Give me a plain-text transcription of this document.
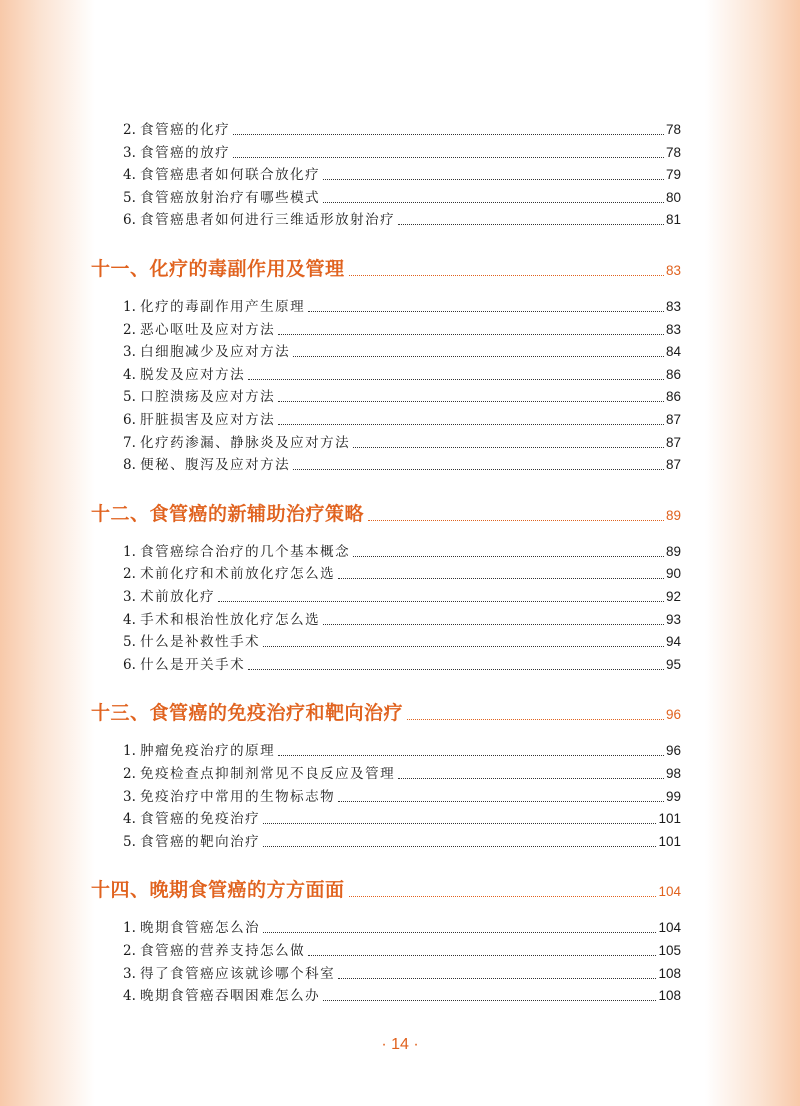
2. 食管癌的化疗	78
3. 食管癌的放疗	78
4. 食管癌患者如何联合放化疗	79
5. 食管癌放射治疗有哪些模式	80
6. 食管癌患者如何进行三维适形放射治疗	81
十一、化疗的毒副作用及管理	83
1. 化疗的毒副作用产生原理	83
2. 恶心呕吐及应对方法	83
3. 白细胞减少及应对方法	84
4. 脱发及应对方法	86
5. 口腔溃疡及应对方法	86
6. 肝脏损害及应对方法	87
7. 化疗药渗漏、静脉炎及应对方法	87
8. 便秘、腹泻及应对方法	87
十二、食管癌的新辅助治疗策略	89
1. 食管癌综合治疗的几个基本概念	89
2. 术前化疗和术前放化疗怎么选	90
3. 术前放化疗	92
4. 手术和根治性放化疗怎么选	93
5. 什么是补救性手术	94
6. 什么是开关手术	95
十三、食管癌的免疫治疗和靶向治疗	96
1. 肿瘤免疫治疗的原理	96
2. 免疫检查点抑制剂常见不良反应及管理	98
3. 免疫治疗中常用的生物标志物	99
4. 食管癌的免疫治疗	101
5. 食管癌的靶向治疗	101
十四、晚期食管癌的方方面面	104
1. 晚期食管癌怎么治	104
2. 食管癌的营养支持怎么做	105
3. 得了食管癌应该就诊哪个科室	108
4. 晚期食管癌吞咽困难怎么办	108
· 14 ·
